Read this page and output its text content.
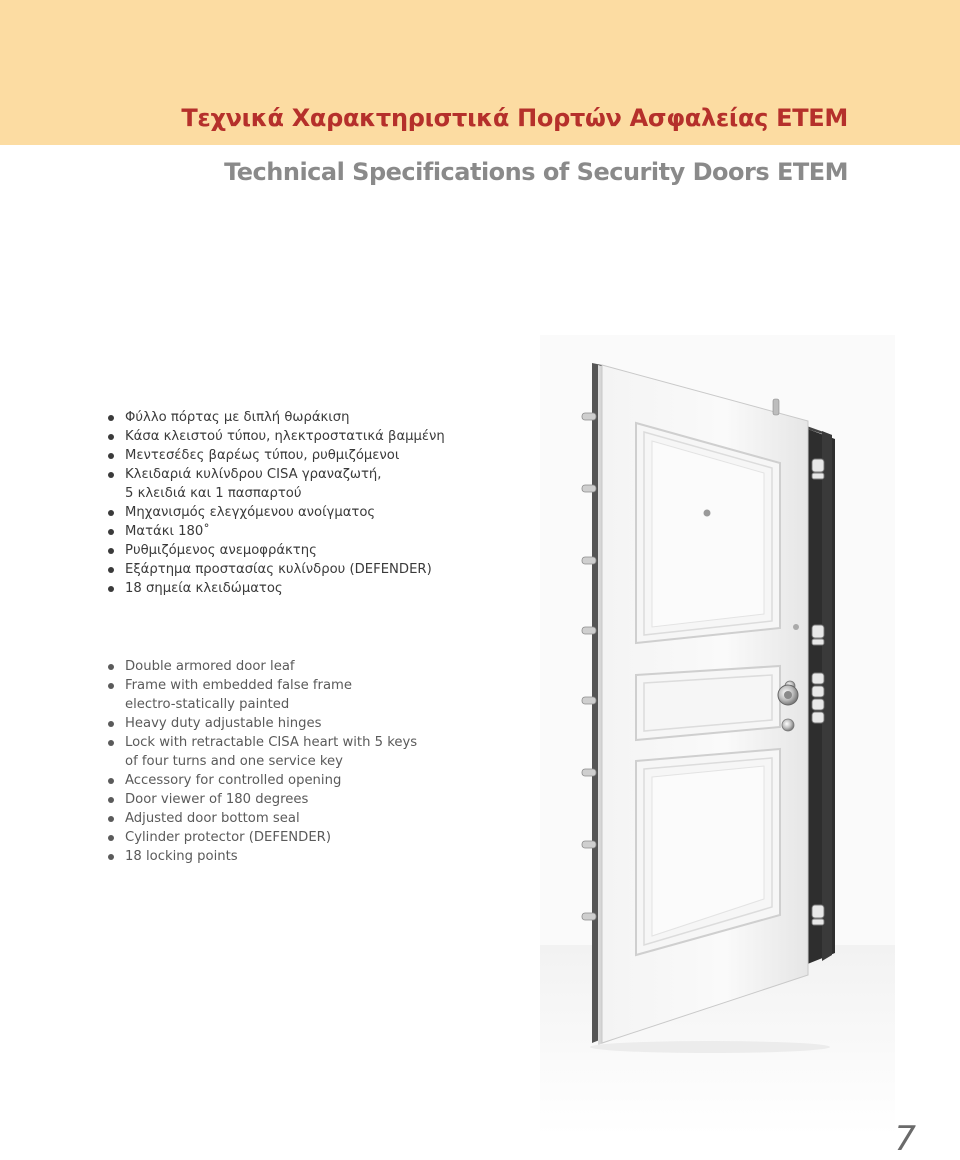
Τεχνικά Χαρακτηριστικά Πορτών Ασφαλείας ETEM
Technical Specifications of Security Doors ETEM
Φύλλο πόρτας με διπλή θωράκιση
Κάσα κλειστού τύπου, ηλεκτροστατικά βαμμένη
Μεντεσέδες βαρέως τύπου, ρυθμιζόμενοι
Κλειδαριά κυλίνδρου CISA γραναζωτή,
5 κλειδιά και 1 πασπαρτού
Μηχανισμός ελεγχόμενου ανοίγματος
Ματάκι 180˚
Ρυθμιζόμενος ανεμοφράκτης
Εξάρτημα προστασίας κυλίνδρου (DEFENDER)
18 σημεία κλειδώματος
Double armored door leaf
Frame with embedded false frame
electro-statically painted
Heavy duty adjustable hinges
Lock with retractable CISA heart with 5 keys
of four turns and one service key
Accessory for controlled opening
Door viewer of 180 degrees
Adjusted door bottom seal
Cylinder protector (DEFENDER)
18 locking points
7
